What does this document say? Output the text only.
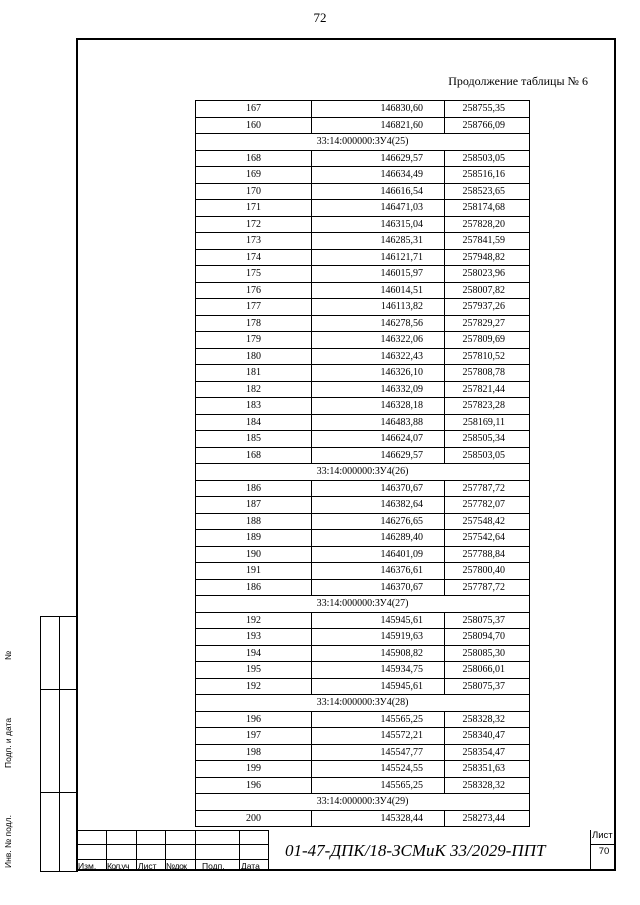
72
Продолжение таблицы № 6
167	146830,60	258755,35
160	146821,60	258766,09
33:14:000000:ЗУ4(25)		
168	146629,57	258503,05
169	146634,49	258516,16
170	146616,54	258523,65
171	146471,03	258174,68
172	146315,04	257828,20
173	146285,31	257841,59
174	146121,71	257948,82
175	146015,97	258023,96
176	146014,51	258007,82
177	146113,82	257937,26
178	146278,56	257829,27
179	146322,06	257809,69
180	146322,43	257810,52
181	146326,10	257808,78
182	146332,09	257821,44
183	146328,18	257823,28
184	146483,88	258169,11
185	146624,07	258505,34
168	146629,57	258503,05
33:14:000000:ЗУ4(26)		
186	146370,67	257787,72
187	146382,64	257782,07
188	146276,65	257548,42
189	146289,40	257542,64
190	146401,09	257788,84
191	146376,61	257800,40
186	146370,67	257787,72
33:14:000000:ЗУ4(27)		
192	145945,61	258075,37
193	145919,63	258094,70
194	145908,82	258085,30
195	145934,75	258066,01
192	145945,61	258075,37
33:14:000000:ЗУ4(28)		
196	145565,25	258328,32
197	145572,21	258340,47
198	145547,77	258354,47
199	145524,55	258351,63
196	145565,25	258328,32
33:14:000000:ЗУ4(29)		
200	145328,44	258273,44
№
Подп. и дата
Инв. № подл.	Изм. Кол.уч Лист №док Подп. Дата
01-47-ДПК/18-ЗСМиК 33/2029-ППТ
Лист
70
